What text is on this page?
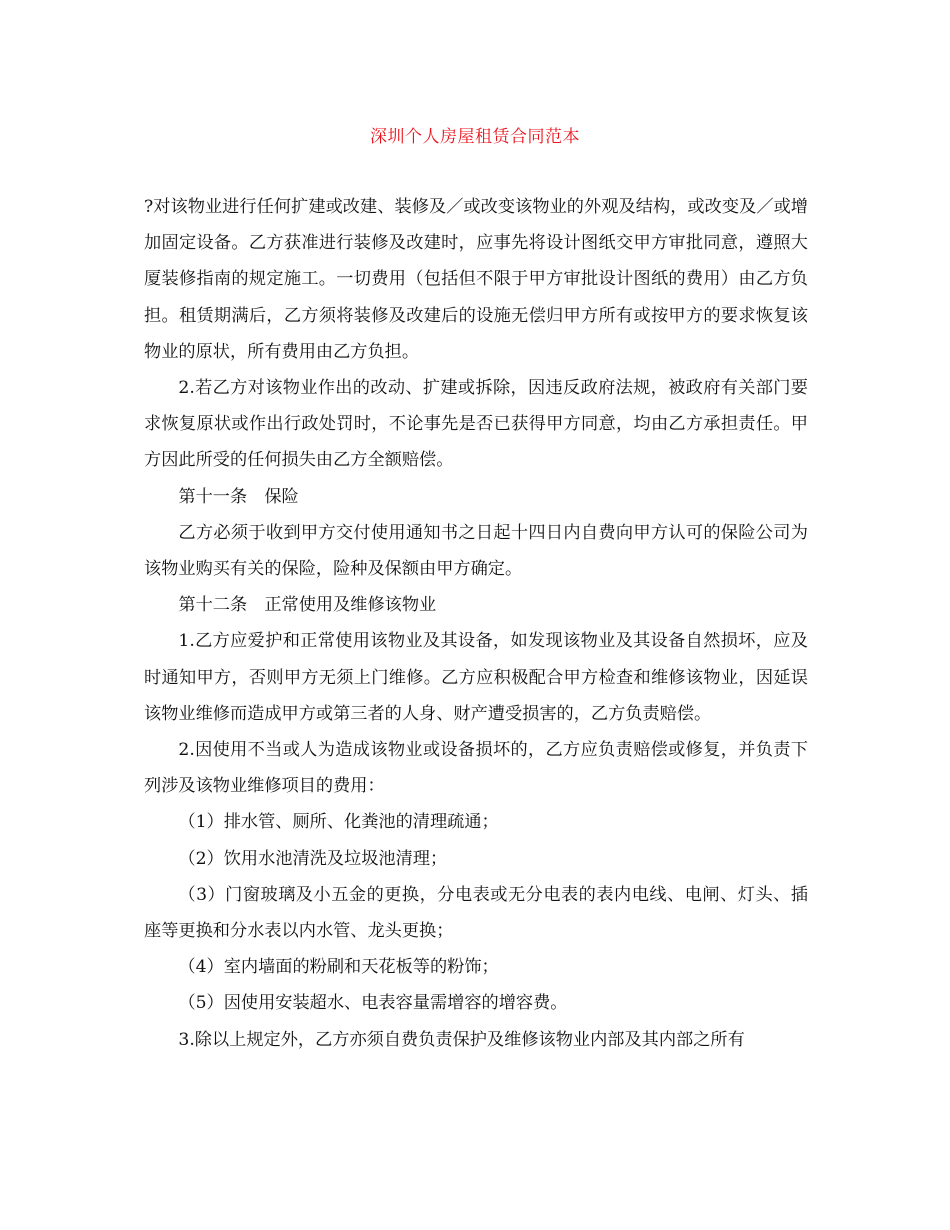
深圳个人房屋租赁合同范本

?对该物业进行任何扩建或改建、装修及／或改变该物业的外观及结构，或改变及／或增加固定设备。乙方获准进行装修及改建时，应事先将设计图纸交甲方审批同意，遵照大厦装修指南的规定施工。一切费用（包括但不限于甲方审批设计图纸的费用）由乙方负担。租赁期满后，乙方须将装修及改建后的设施无偿归甲方所有或按甲方的要求恢复该物业的原状，所有费用由乙方负担。

2.若乙方对该物业作出的改动、扩建或拆除，因违反政府法规，被政府有关部门要求恢复原状或作出行政处罚时，不论事先是否已获得甲方同意，均由乙方承担责任。甲方因此所受的任何损失由乙方全额赔偿。

第十一条　保险

乙方必须于收到甲方交付使用通知书之日起十四日内自费向甲方认可的保险公司为该物业购买有关的保险，险种及保额由甲方确定。

第十二条　正常使用及维修该物业

1.乙方应爱护和正常使用该物业及其设备，如发现该物业及其设备自然损坏，应及时通知甲方，否则甲方无须上门维修。乙方应积极配合甲方检查和维修该物业，因延误该物业维修而造成甲方或第三者的人身、财产遭受损害的，乙方负责赔偿。

2.因使用不当或人为造成该物业或设备损坏的，乙方应负责赔偿或修复，并负责下列涉及该物业维修项目的费用：

（1）排水管、厕所、化粪池的清理疏通；

（2）饮用水池清洗及垃圾池清理；

（3）门窗玻璃及小五金的更换，分电表或无分电表的表内电线、电闸、灯头、插座等更换和分水表以内水管、龙头更换；

（4）室内墙面的粉刷和天花板等的粉饰；

（5）因使用安装超水、电表容量需增容的增容费。

3.除以上规定外，乙方亦须自费负责保护及维修该物业内部及其内部之所有
